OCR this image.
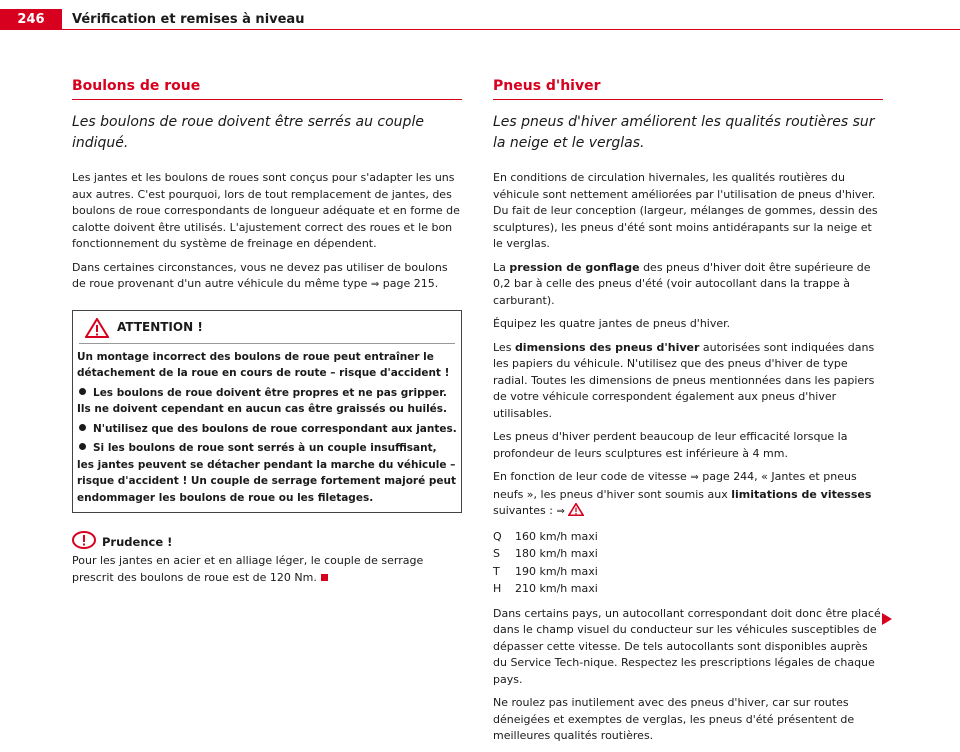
246	Vérification et remises à niveau
Boulons de roue
Les boulons de roue doivent être serrés au couple indiqué.

Les jantes et les boulons de roues sont conçus pour s'adapter les uns aux autres. C'est pourquoi, lors de tout remplacement de jantes, des boulons de roue correspondants de longueur adéquate et en forme de calotte doivent être utilisés. L'ajustement correct des roues et le bon fonctionnement du système de freinage en dépendent.

Dans certaines circonstances, vous ne devez pas utiliser de boulons de roue provenant d'un autre véhicule du même type ⇒ page 215.

ATTENTION !
Un montage incorrect des boulons de roue peut entraîner le détachement de la roue en cours de route – risque d'accident !
Les boulons de roue doivent être propres et ne pas gripper. Ils ne doivent cependant en aucun cas être graissés ou huilés.
N'utilisez que des boulons de roue correspondant aux jantes.
Si les boulons de roue sont serrés à un couple insuffisant, les jantes peuvent se détacher pendant la marche du véhicule – risque d'accident ! Un couple de serrage fortement majoré peut endommager les boulons de roue ou les filetages.
Prudence !

Pour les jantes en acier et en alliage léger, le couple de serrage prescrit des boulons de roue est de 120 Nm.

Pneus d'hiver
Les pneus d'hiver améliorent les qualités routières sur la neige et le verglas.

En conditions de circulation hivernales, les qualités routières du véhicule sont nettement améliorées par l'utilisation de pneus d'hiver. Du fait de leur conception (largeur, mélanges de gommes, dessin des sculptures), les pneus d'été sont moins antidérapants sur la neige et le verglas.

La pression de gonflage des pneus d'hiver doit être supérieure de 0,2 bar à celle des pneus d'été (voir autocollant dans la trappe à carburant).

Équipez les quatre jantes de pneus d'hiver.

Les dimensions des pneus d'hiver autorisées sont indiquées dans les papiers du véhicule. N'utilisez que des pneus d'hiver de type radial. Toutes les dimensions de pneus mentionnées dans les papiers de votre véhicule correspondent également aux pneus d'hiver utilisables.

Les pneus d'hiver perdent beaucoup de leur efficacité lorsque la profondeur de leurs sculptures est inférieure à 4 mm.

En fonction de leur code de vitesse ⇒ page 244, « Jantes et pneus neufs », les pneus d'hiver sont soumis aux limitations de vitesses suivantes : ⇒

Q 160 km/h maxi
S 180 km/h maxi
T 190 km/h maxi
H 210 km/h maxi

Dans certains pays, un autocollant correspondant doit donc être placé dans le champ visuel du conducteur sur les véhicules susceptibles de dépasser cette vitesse. De tels autocollants sont disponibles auprès du Service Tech-nique. Respectez les prescriptions légales de chaque pays.

Ne roulez pas inutilement avec des pneus d'hiver, car sur routes déneigées et exemptes de verglas, les pneus d'été présentent de meilleures qualités routières.
